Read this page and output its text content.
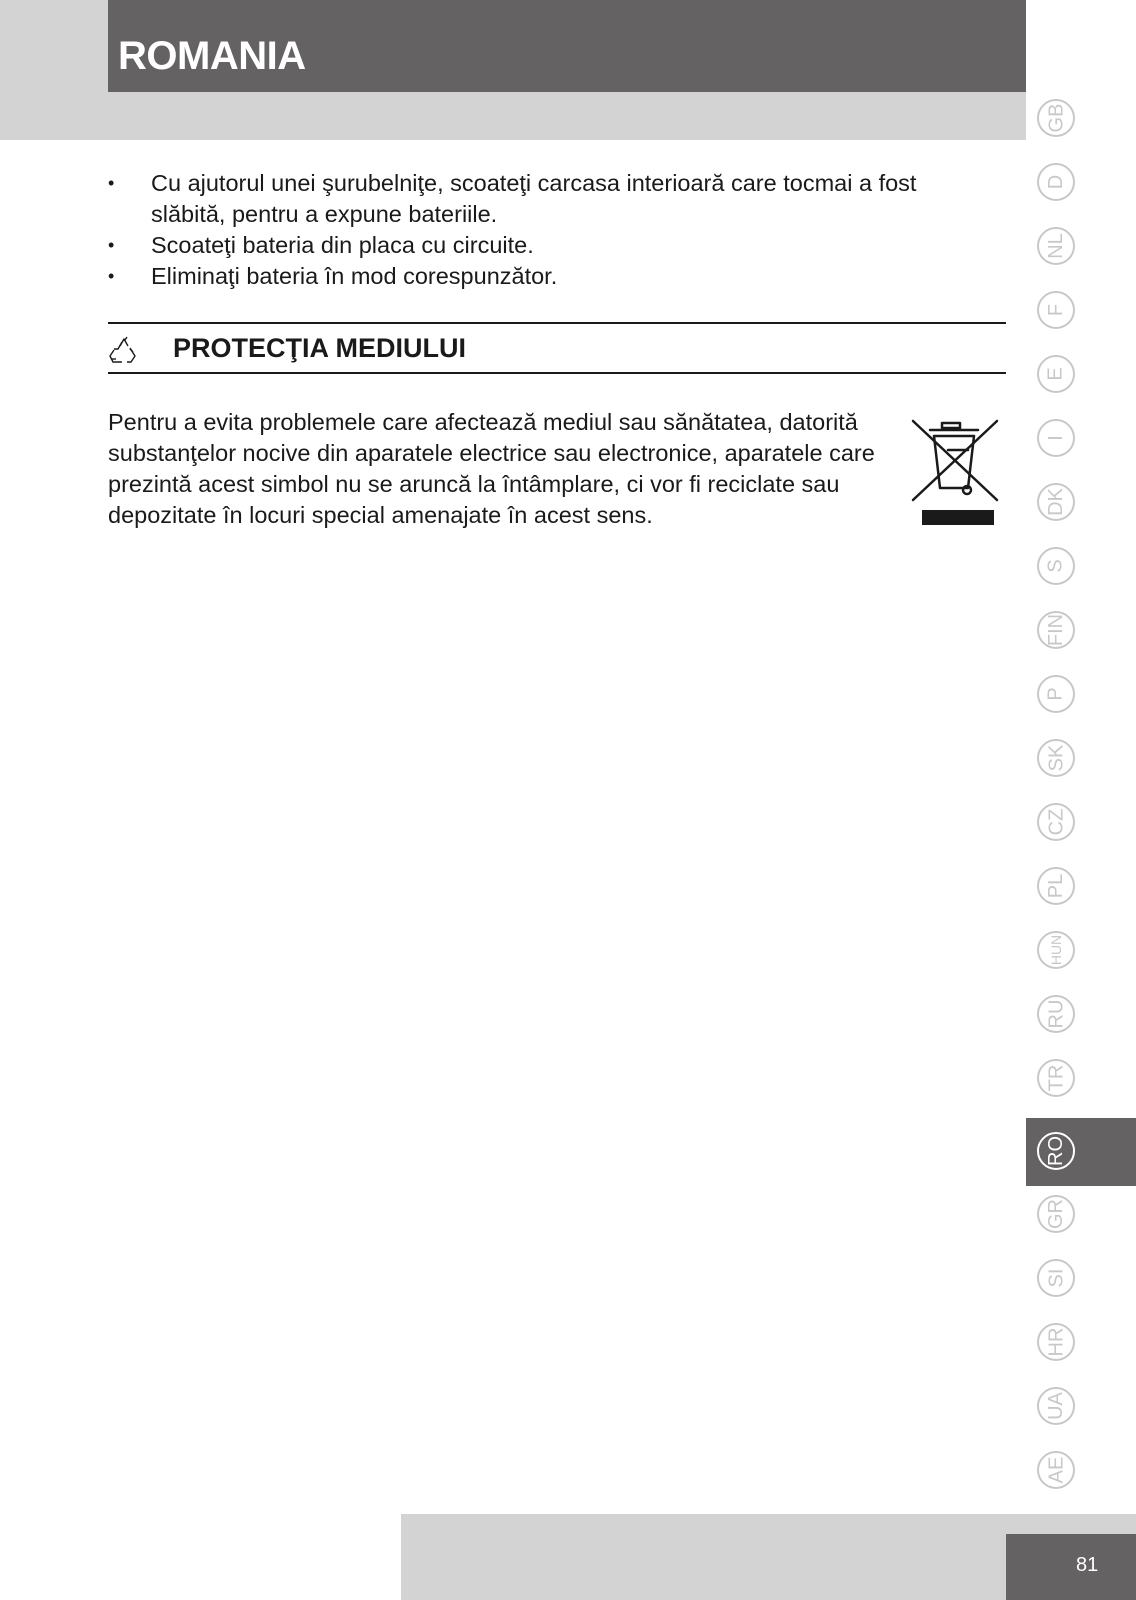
ROMANIA
• Cu ajutorul unei şurubelniţe, scoateţi carcasa interioară care tocmai a fost slăbită, pentru a expune bateriile.
• Scoateţi bateria din placa cu circuite.
• Eliminaţi bateria în mod corespunzător.
PROTECŢIA MEDIULUI

Pentru a evita problemele care afectează mediul sau sănătatea, datorită substanţelor nocive din aparatele electrice sau electronice, aparatele care prezintă acest simbol nu se aruncă la întâmplare, ci vor fi reciclate sau depozitate în locuri special amenajate în acest sens.

GB
D
NL
F
E
I
DK
S
FIN
P
SK
CZ
PL
HUN
RU
TR
RO
GR
SI
HR
UA
AE
81
